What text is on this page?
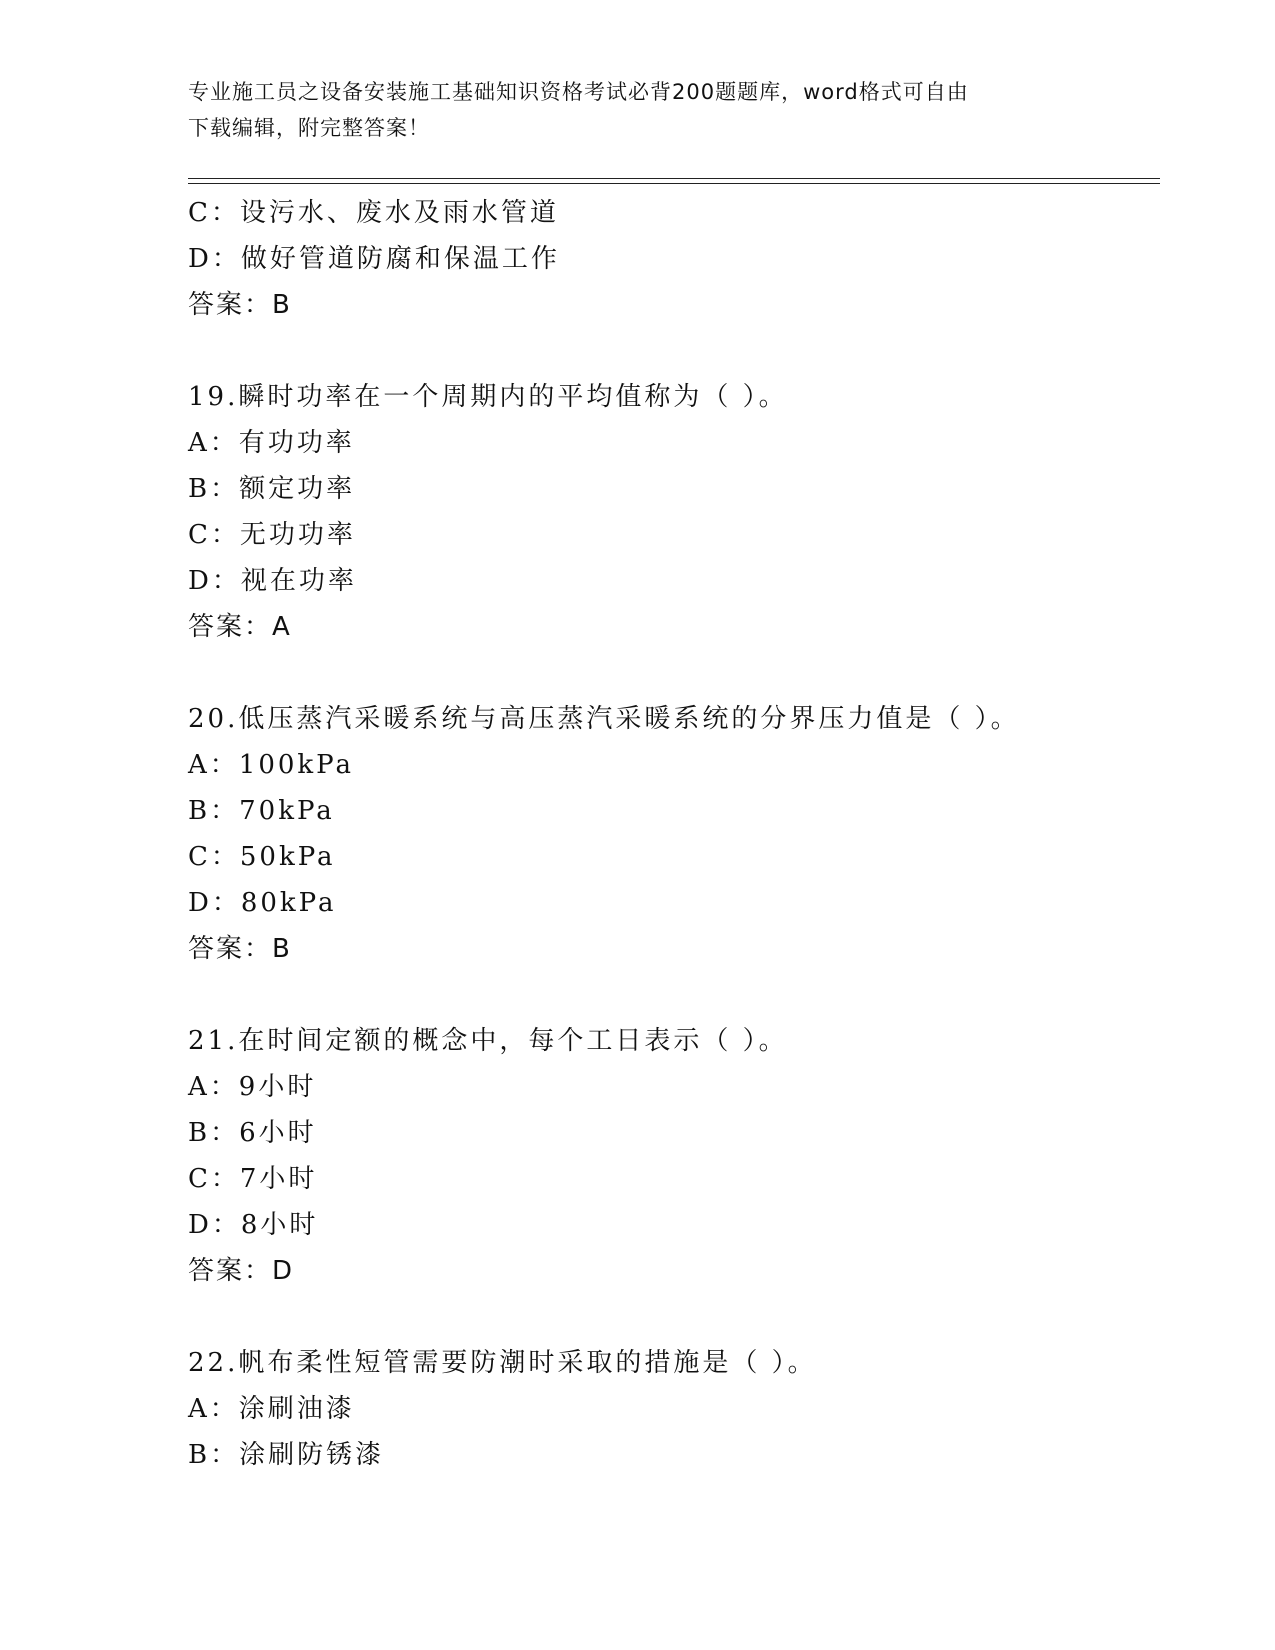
专业施工员之设备安装施工基础知识资格考试必背200题题库，word格式可自由
下载编辑，附完整答案！
C：设污水、废水及雨水管道
D：做好管道防腐和保温工作
答案：B
19.瞬时功率在一个周期内的平均值称为（ ）。
A：有功功率
B：额定功率
C：无功功率
D：视在功率
答案：A
20.低压蒸汽采暖系统与高压蒸汽采暖系统的分界压力值是（ ）。
A：100kPa
B：70kPa
C：50kPa
D：80kPa
答案：B
21.在时间定额的概念中，每个工日表示（ ）。
A：9小时
B：6小时
C：7小时
D：8小时
答案：D
22.帆布柔性短管需要防潮时采取的措施是（ ）。
A：涂刷油漆
B：涂刷防锈漆
